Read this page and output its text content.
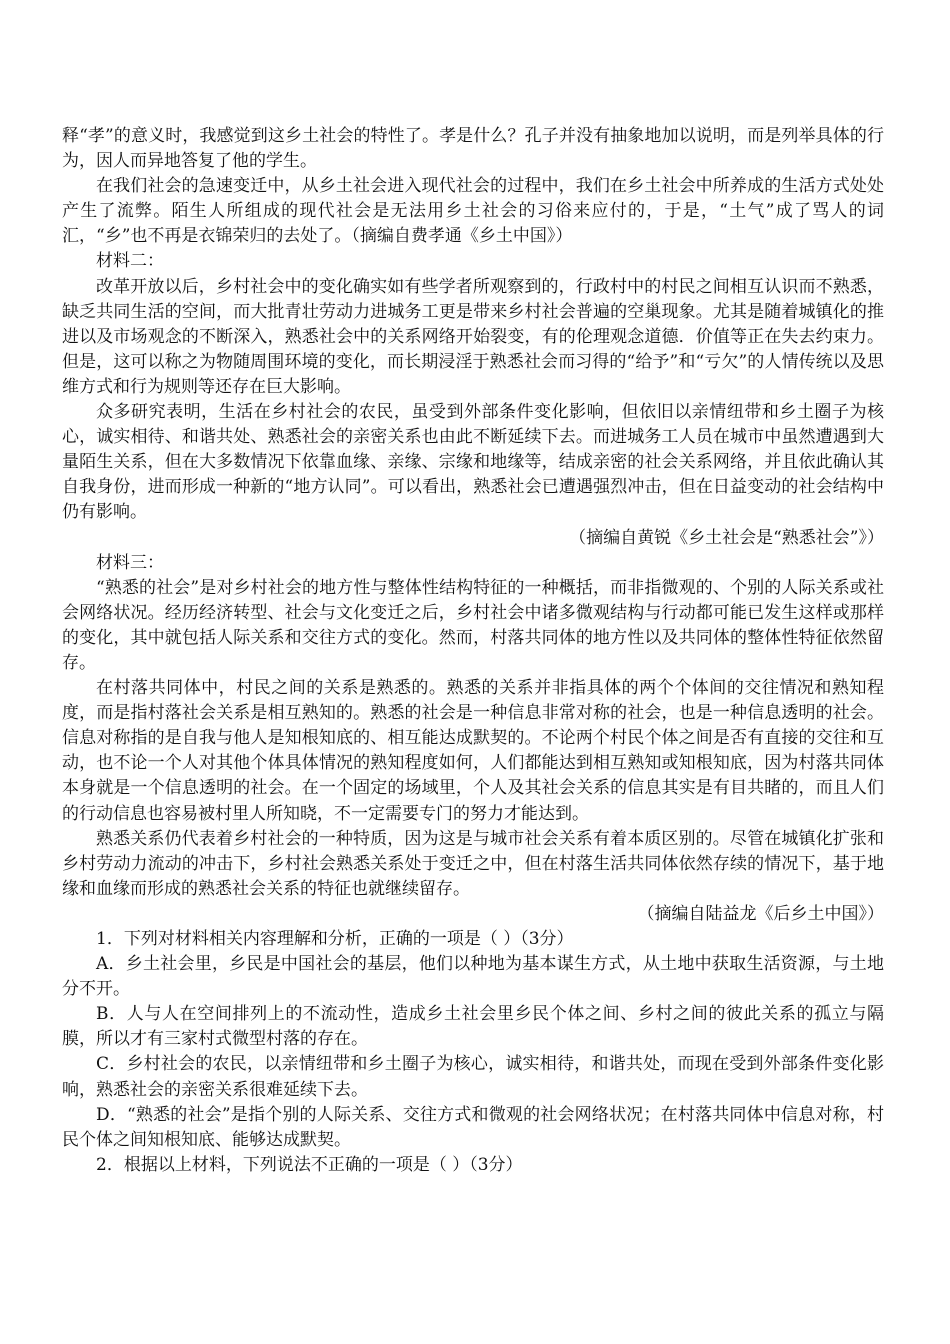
释“孝”的意义时，我感觉到这乡土社会的特性了。孝是什么？孔子并没有抽象地加以说明，而是列举具体的行为，因人而异地答复了他的学生。

在我们社会的急速变迁中，从乡土社会进入现代社会的过程中，我们在乡土社会中所养成的生活方式处处产生了流弊。陌生人所组成的现代社会是无法用乡土社会的习俗来应付的，于是，“土气”成了骂人的词汇，“乡”也不再是衣锦荣归的去处了。（摘编自费孝通《乡土中国》）

材料二：

改革开放以后，乡村社会中的变化确实如有些学者所观察到的，行政村中的村民之间相互认识而不熟悉，缺乏共同生活的空间，而大批青壮劳动力进城务工更是带来乡村社会普遍的空巢现象。尤其是随着城镇化的推进以及市场观念的不断深入，熟悉社会中的关系网络开始裂变，有的伦理观念道德．价值等正在失去约束力。但是，这可以称之为物随周围环境的变化，而长期浸淫于熟悉社会而习得的“给予”和“亏欠”的人情传统以及思维方式和行为规则等还存在巨大影响。

众多研究表明，生活在乡村社会的农民，虽受到外部条件变化影响，但依旧以亲情纽带和乡土圈子为核心，诚实相待、和谐共处、熟悉社会的亲密关系也由此不断延续下去。而进城务工人员在城市中虽然遭遇到大量陌生关系，但在大多数情况下依靠血缘、亲缘、宗缘和地缘等，结成亲密的社会关系网络，并且依此确认其自我身份，进而形成一种新的“地方认同”。可以看出，熟悉社会已遭遇强烈冲击，但在日益变动的社会结构中仍有影响。

（摘编自黄锐《乡土社会是“熟悉社会”》）

材料三：

“熟悉的社会”是对乡村社会的地方性与整体性结构特征的一种概括，而非指微观的、个别的人际关系或社会网络状况。经历经济转型、社会与文化变迁之后，乡村社会中诸多微观结构与行动都可能已发生这样或那样的变化，其中就包括人际关系和交往方式的变化。然而，村落共同体的地方性以及共同体的整体性特征依然留存。

在村落共同体中，村民之间的关系是熟悉的。熟悉的关系并非指具体的两个个体间的交往情况和熟知程度，而是指村落社会关系是相互熟知的。熟悉的社会是一种信息非常对称的社会，也是一种信息透明的社会。信息对称指的是自我与他人是知根知底的、相互能达成默契的。不论两个村民个体之间是否有直接的交往和互动，也不论一个人对其他个体具体情况的熟知程度如何，人们都能达到相互熟知或知根知底，因为村落共同体本身就是一个信息透明的社会。在一个固定的场域里，个人及其社会关系的信息其实是有目共睹的，而且人们的行动信息也容易被村里人所知晓，不一定需要专门的努力才能达到。

熟悉关系仍代表着乡村社会的一种特质，因为这是与城市社会关系有着本质区别的。尽管在城镇化扩张和乡村劳动力流动的冲击下，乡村社会熟悉关系处于变迁之中，但在村落生活共同体依然存续的情况下，基于地缘和血缘而形成的熟悉社会关系的特征也就继续留存。

（摘编自陆益龙《后乡土中国》）

1．下列对材料相关内容理解和分析，正确的一项是（ ）（3分）

A．乡土社会里，乡民是中国社会的基层，他们以种地为基本谋生方式，从土地中获取生活资源，与土地分不开。

B．人与人在空间排列上的不流动性，造成乡土社会里乡民个体之间、乡村之间的彼此关系的孤立与隔膜，所以才有三家村式微型村落的存在。

C．乡村社会的农民，以亲情纽带和乡土圈子为核心，诚实相待，和谐共处，而现在受到外部条件变化影响，熟悉社会的亲密关系很难延续下去。

D．“熟悉的社会”是指个别的人际关系、交往方式和微观的社会网络状况；在村落共同体中信息对称，村民个体之间知根知底、能够达成默契。

2．根据以上材料，下列说法不正确的一项是（ ）（3分）
